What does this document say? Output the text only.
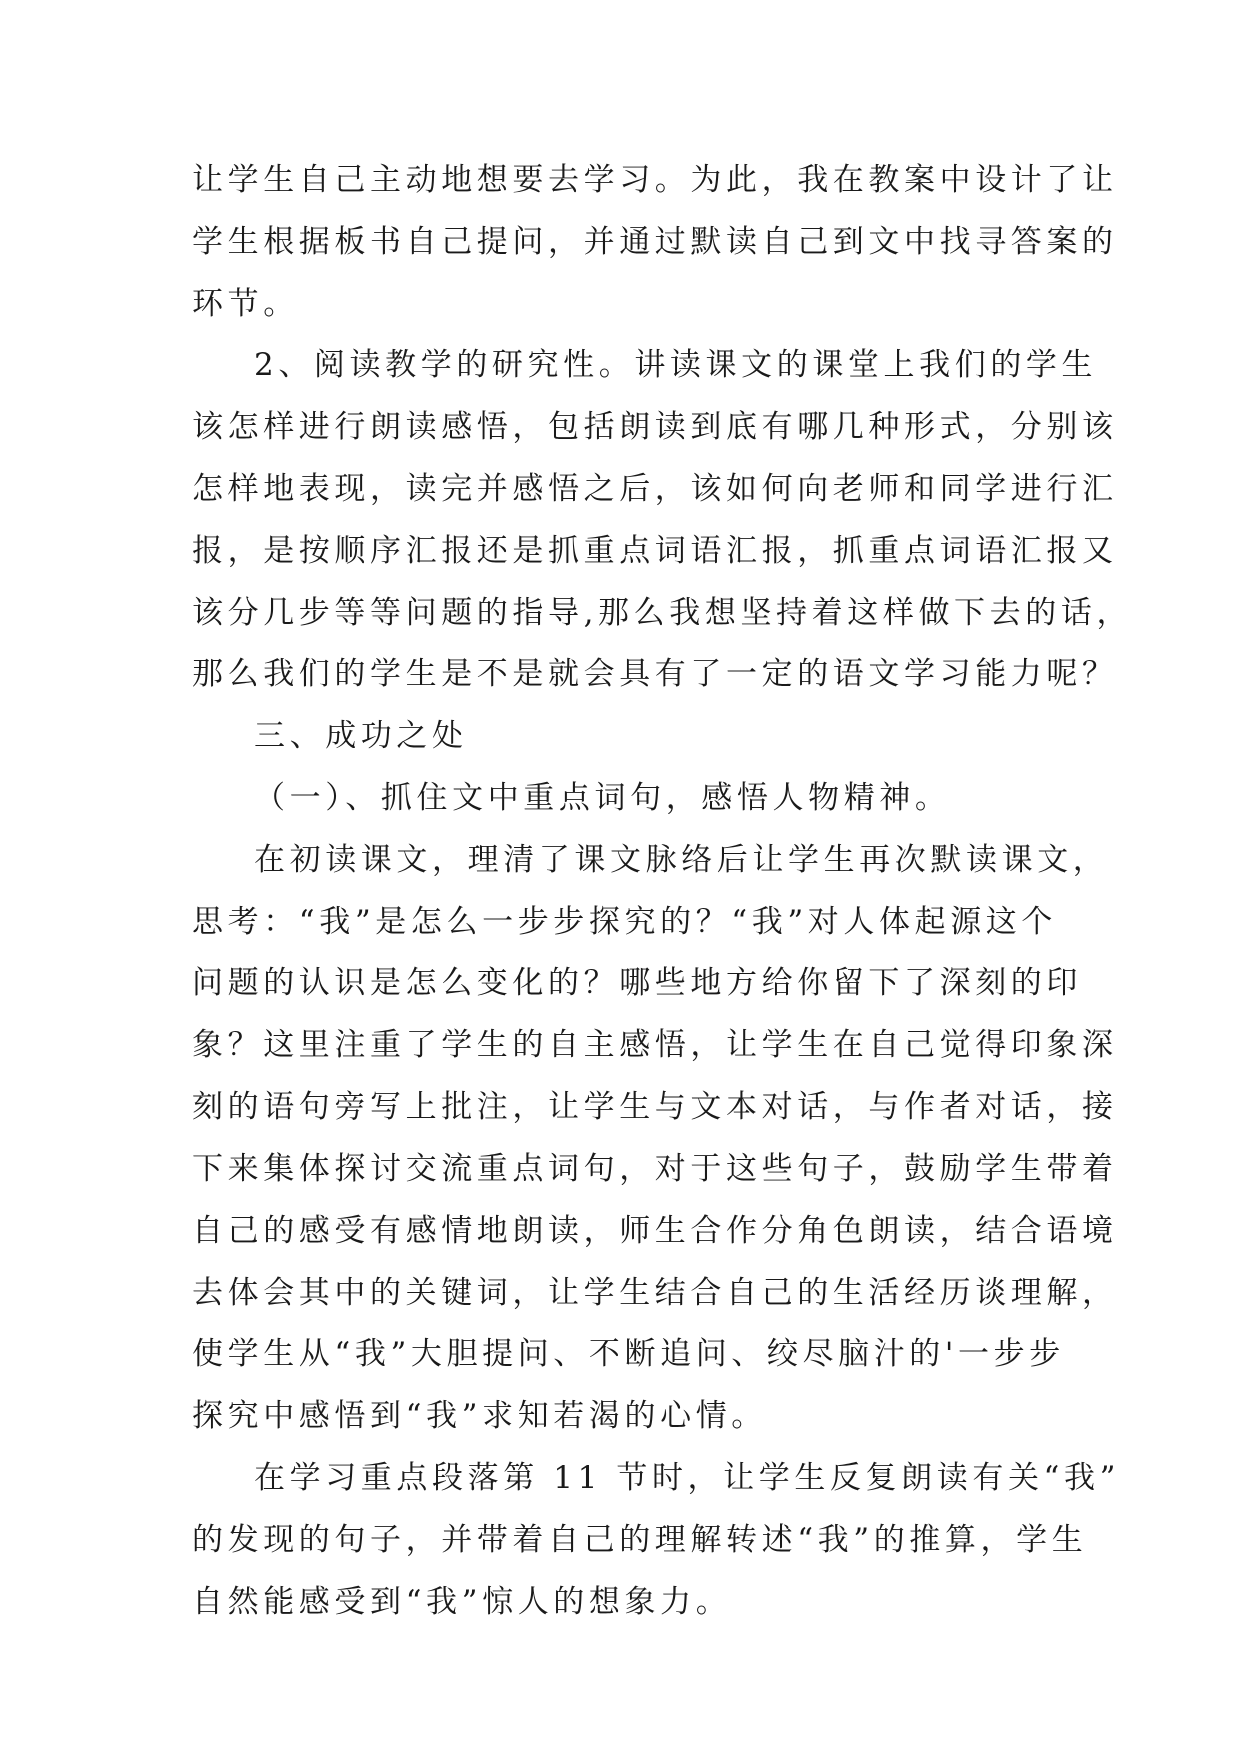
让学生自己主动地想要去学习。为此，我在教案中设计了让

学生根据板书自己提问，并通过默读自己到文中找寻答案的

环节。

2、阅读教学的研究性。讲读课文的课堂上我们的学生

该怎样进行朗读感悟，包括朗读到底有哪几种形式，分别该

怎样地表现，读完并感悟之后，该如何向老师和同学进行汇

报，是按顺序汇报还是抓重点词语汇报，抓重点词语汇报又

该分几步等等问题的指导,那么我想坚持着这样做下去的话，

那么我们的学生是不是就会具有了一定的语文学习能力呢？

三、成功之处

（一）、抓住文中重点词句，感悟人物精神。

在初读课文，理清了课文脉络后让学生再次默读课文，

思考：“我”是怎么一步步探究的？“我”对人体起源这个

问题的认识是怎么变化的？哪些地方给你留下了深刻的印

象？这里注重了学生的自主感悟，让学生在自己觉得印象深

刻的语句旁写上批注，让学生与文本对话，与作者对话，接

下来集体探讨交流重点词句，对于这些句子，鼓励学生带着

自己的感受有感情地朗读，师生合作分角色朗读，结合语境

去体会其中的关键词，让学生结合自己的生活经历谈理解，

使学生从“我”大胆提问、不断追问、绞尽脑汁的'一步步

探究中感悟到“我”求知若渴的心情。

在学习重点段落第 11 节时，让学生反复朗读有关“我”

的发现的句子，并带着自己的理解转述“我”的推算，学生

自然能感受到“我”惊人的想象力。
